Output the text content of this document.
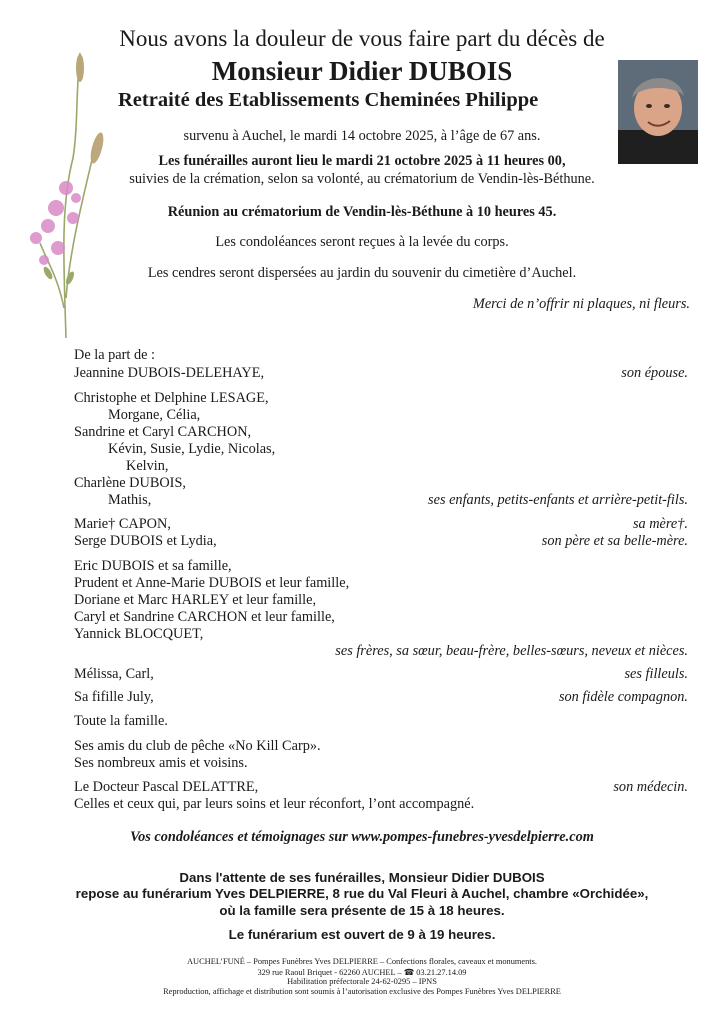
Nous avons la douleur de vous faire part du décès de
Monsieur Didier DUBOIS
Retraité des Etablissements Cheminées Philippe
survenu à Auchel, le mardi 14 octobre 2025, à l’âge de 67 ans.
Les funérailles auront lieu le mardi 21 octobre 2025 à 11 heures 00,
suivies de la crémation, selon sa volonté, au crématorium de Vendin-lès-Béthune.
Réunion au crématorium de Vendin-lès-Béthune à 10 heures 45.
Les condoléances seront reçues à la levée du corps.
Les cendres seront dispersées au jardin du souvenir du cimetière d’Auchel.
Merci de n’offrir ni plaques, ni fleurs.
De la part de :
Jeannine DUBOIS-DELEHAYE,	son épouse.
Christophe et Delphine LESAGE,
Morgane, Célia,
Sandrine et Caryl CARCHON,
Kévin, Susie, Lydie, Nicolas,
Kelvin,
Charlène DUBOIS,
Mathis,	ses enfants, petits-enfants et arrière-petit-fils.
Marie† CAPON,	sa mère†.
Serge DUBOIS et Lydia,	son père et sa belle-mère.
Eric DUBOIS et sa famille,
Prudent et Anne-Marie DUBOIS et leur famille,
Doriane et Marc HARLEY et leur famille,
Caryl et Sandrine CARCHON et leur famille,
Yannick BLOCQUET,
ses frères, sa sœur, beau-frère, belles-sœurs, neveux et nièces.
Mélissa, Carl,	ses filleuls.
Sa fifille July,	son fidèle compagnon.
Toute la famille.
Ses amis du club de pêche «No Kill Carp».
Ses nombreux amis et voisins.
Le Docteur Pascal DELATTRE,	son médecin.
Celles et ceux qui, par leurs soins et leur réconfort, l’ont accompagné.
Vos condoléances et témoignages sur www.pompes-funebres-yvesdelpierre.com
Dans l'attente de ses funérailles, Monsieur Didier DUBOIS
repose au funérarium Yves DELPIERRE, 8 rue du Val Fleuri à Auchel, chambre «Orchidée»,
où la famille sera présente de 15 à 18 heures.
Le funérarium est ouvert de 9 à 19 heures.
AUCHEL’FUNÉ – Pompes Funèbres Yves DELPIERRE – Confections florales, caveaux et monuments.
329 rue Raoul Briquet - 62260 AUCHEL – ☎ 03.21.27.14.09
Habilitation préfectorale 24-62-0295 – IPNS
Reproduction, affichage et distribution sont soumis à l’autorisation exclusive des Pompes Funèbres Yves DELPIERRE
